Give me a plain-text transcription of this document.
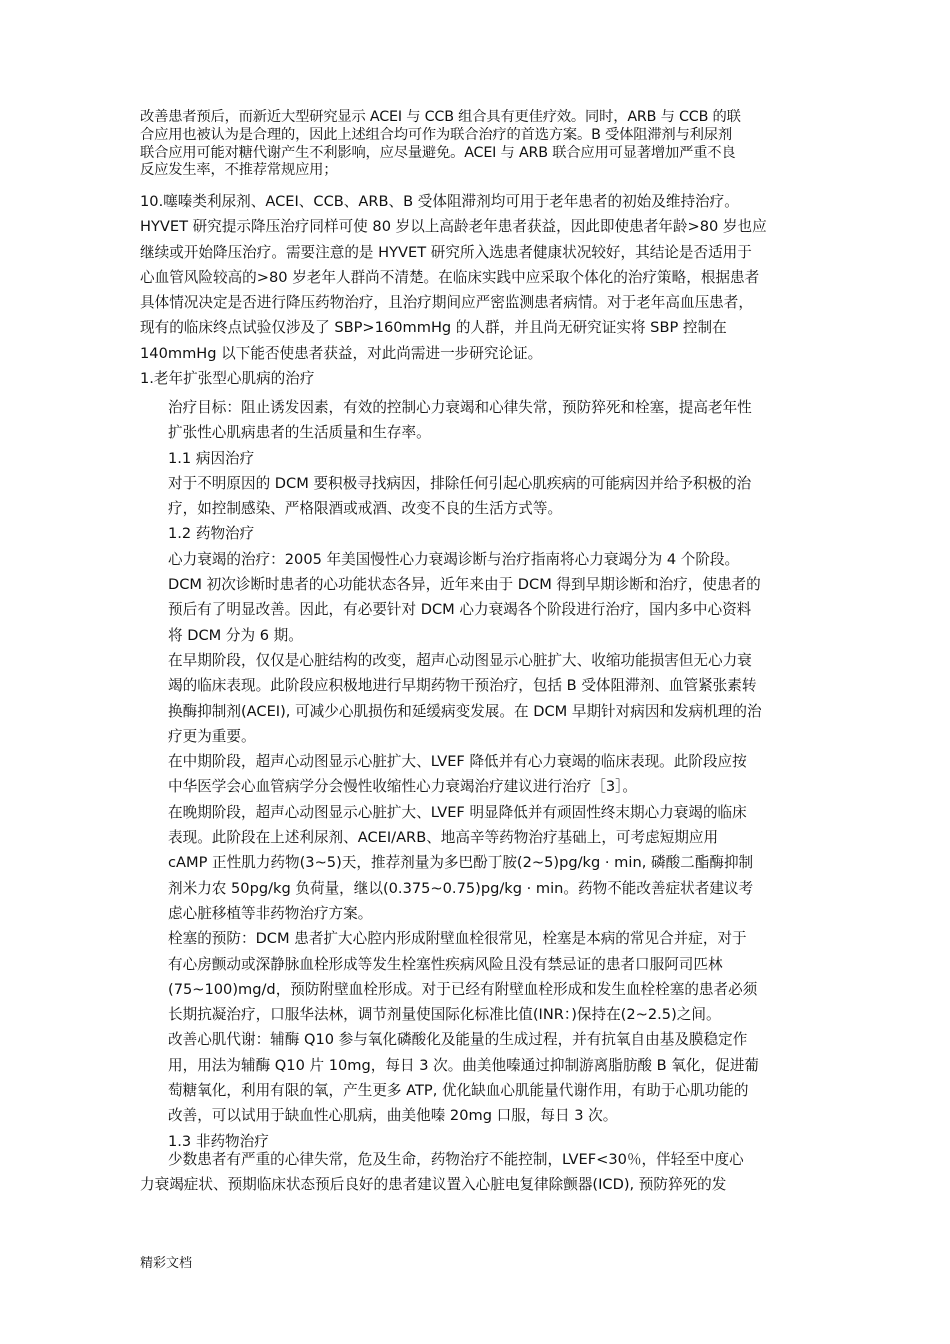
改善患者预后，而新近大型研究显示 ACEI 与 CCB 组合具有更佳疗效。同时，ARB 与 CCB 的联

合应用也被认为是合理的，因此上述组合均可作为联合治疗的首选方案。B 受体阻滞剂与利尿剂

联合应用可能对糖代谢产生不利影响，应尽量避免。ACEI 与 ARB 联合应用可显著增加严重不良

反应发生率，不推荐常规应用；

10.噻嗪类利尿剂、ACEI、CCB、ARB、B 受体阻滞剂均可用于老年患者的初始及维持治疗。

HYVET 研究提示降压治疗同样可使 80 岁以上高龄老年患者获益，因此即使患者年龄>80 岁也应

继续或开始降压治疗。需要注意的是 HYVET 研究所入选患者健康状况较好，其结论是否适用于

心血管风险较高的>80 岁老年人群尚不清楚。在临床实践中应采取个体化的治疗策略，根据患者

具体情况决定是否进行降压药物治疗，且治疗期间应严密监测患者病情。对于老年高血压患者，

现有的临床终点试验仅涉及了 SBP>160mmHg 的人群，并且尚无研究证实将 SBP 控制在

140mmHg 以下能否使患者获益，对此尚需进一步研究论证。

1.老年扩张型心肌病的治疗

治疗目标：阻止诱发因素，有效的控制心力衰竭和心律失常，预防猝死和栓塞，提高老年性

扩张性心肌病患者的生活质量和生存率。

1.1 病因治疗

对于不明原因的 DCM 要积极寻找病因，排除任何引起心肌疾病的可能病因并给予积极的治

疗，如控制感染、严格限酒或戒酒、改变不良的生活方式等。

1.2 药物治疗

心力衰竭的治疗：2005 年美国慢性心力衰竭诊断与治疗指南将心力衰竭分为 4 个阶段。

DCM 初次诊断时患者的心功能状态各异，近年来由于 DCM 得到早期诊断和治疗，使患者的

预后有了明显改善。因此，有必要针对 DCM 心力衰竭各个阶段进行治疗，国内多中心资料

将 DCM 分为 6 期。

在早期阶段，仅仅是心脏结构的改变，超声心动图显示心脏扩大、收缩功能损害但无心力衰

竭的临床表现。此阶段应积极地进行早期药物干预治疗，包括 B 受体阻滞剂、血管紧张素转

换酶抑制剂(ACEI), 可减少心肌损伤和延缓病变发展。在 DCM 早期针对病因和发病机理的治

疗更为重要。

在中期阶段，超声心动图显示心脏扩大、LVEF 降低并有心力衰竭的临床表现。此阶段应按

中华医学会心血管病学分会慢性收缩性心力衰竭治疗建议进行治疗［3］。

在晚期阶段，超声心动图显示心脏扩大、LVEF 明显降低并有顽固性终末期心力衰竭的临床

表现。此阶段在上述利尿剂、ACEI/ARB、地高辛等药物治疗基础上，可考虑短期应用

cAMP 正性肌力药物(3~5)天，推荐剂量为多巴酚丁胺(2~5)pg/kg · min, 磷酸二酯酶抑制

剂米力农 50pg/kg 负荷量，继以(0.375~0.75)pg/kg · min。药物不能改善症状者建议考

虑心脏移植等非药物治疗方案。

栓塞的预防：DCM 患者扩大心腔内形成附壁血栓很常见，栓塞是本病的常见合并症，对于

有心房颤动或深静脉血栓形成等发生栓塞性疾病风险且没有禁忌证的患者口服阿司匹林

(75~100)mg/d，预防附壁血栓形成。对于已经有附壁血栓形成和发生血栓栓塞的患者必须

长期抗凝治疗，口服华法林，调节剂量使国际化标准比值(INR：)保持在(2~2.5)之间。

改善心肌代谢：辅酶 Q10 参与氧化磷酸化及能量的生成过程，并有抗氧自由基及膜稳定作

用，用法为辅酶 Q10 片 10mg，每日 3 次。曲美他嗪通过抑制游离脂肪酸 B 氧化，促进葡

萄糖氧化，利用有限的氧，产生更多 ATP, 优化缺血心肌能量代谢作用，有助于心肌功能的

改善，可以试用于缺血性心肌病，曲美他嗪 20mg 口服，每日 3 次。

1.3 非药物治疗

少数患者有严重的心律失常，危及生命，药物治疗不能控制，LVEF<30％，伴轻至中度心

力衰竭症状、预期临床状态预后良好的患者建议置入心脏电复律除颤器(ICD), 预防猝死的发

精彩文档
